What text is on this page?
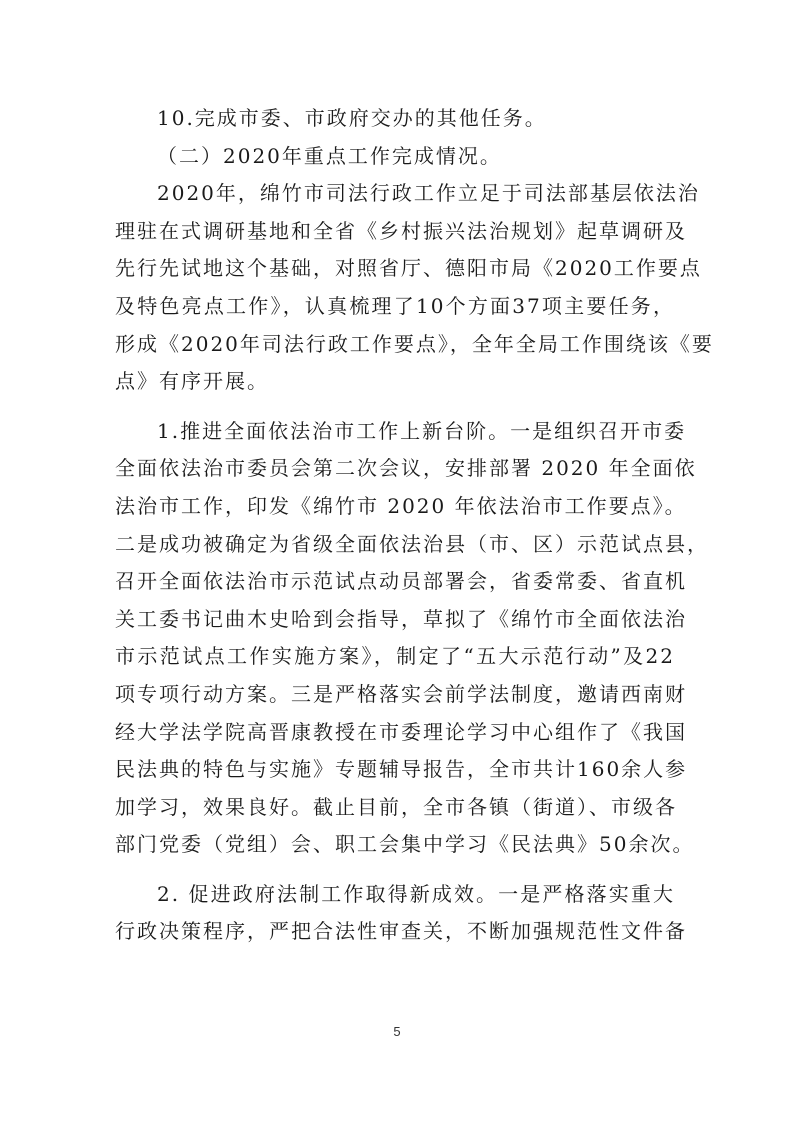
10.完成市委、市政府交办的其他任务。
（二）2020年重点工作完成情况。
2020年，绵竹市司法行政工作立足于司法部基层依法治
理驻在式调研基地和全省《乡村振兴法治规划》起草调研及
先行先试地这个基础，对照省厅、德阳市局《2020工作要点
及特色亮点工作》，认真梳理了10个方面37项主要任务，
形成《2020年司法行政工作要点》，全年全局工作围绕该《要
点》有序开展。
1.推进全面依法治市工作上新台阶。一是组织召开市委
全面依法治市委员会第二次会议，安排部署 2020 年全面依
法治市工作，印发《绵竹市 2020 年依法治市工作要点》。
二是成功被确定为省级全面依法治县（市、区）示范试点县，
召开全面依法治市示范试点动员部署会，省委常委、省直机
关工委书记曲木史哈到会指导，草拟了《绵竹市全面依法治
市示范试点工作实施方案》，制定了“五大示范行动”及22
项专项行动方案。三是严格落实会前学法制度，邀请西南财
经大学法学院高晋康教授在市委理论学习中心组作了《我国
民法典的特色与实施》专题辅导报告，全市共计160余人参
加学习，效果良好。截止目前，全市各镇（街道）、市级各
部门党委（党组）会、职工会集中学习《民法典》50余次。
2. 促进政府法制工作取得新成效。一是严格落实重大
行政决策程序，严把合法性审查关，不断加强规范性文件备
5
